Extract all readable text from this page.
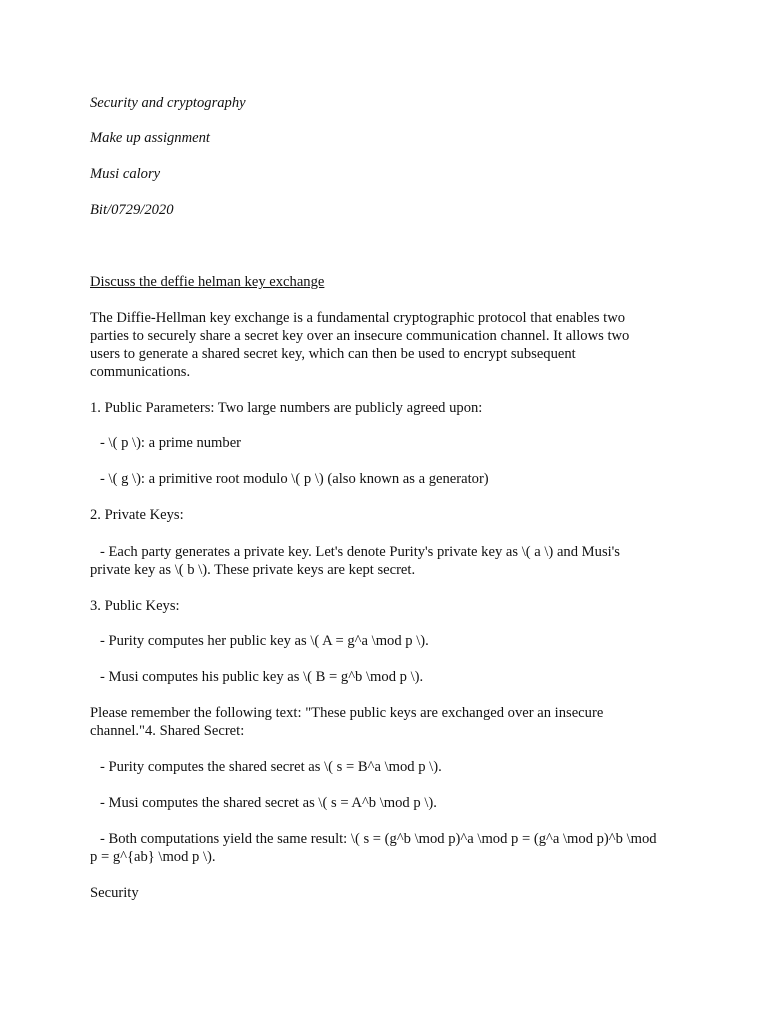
Security and cryptography

Make up assignment

Musi calory

Bit/0729/2020

Discuss the deffie helman key exchange

The Diffie-Hellman key exchange is a fundamental cryptographic protocol that enables two

parties to securely share a secret key over an insecure communication channel. It allows two

users to generate a shared secret key, which can then be used to encrypt subsequent

communications.

1. Public Parameters: Two large numbers are publicly agreed upon:

- \( p \): a prime number

- \( g \): a primitive root modulo \( p \) (also known as a generator)

2. Private Keys:

- Each party generates a private key. Let's denote Purity's private key as \( a \) and Musi's

private key as \( b \). These private keys are kept secret.

3. Public Keys:

- Purity computes her public key as \( A = g^a \mod p \).

- Musi computes his public key as \( B = g^b \mod p \).

Please remember the following text: "These public keys are exchanged over an insecure

channel."4. Shared Secret:

- Purity computes the shared secret as \( s = B^a \mod p \).

- Musi computes the shared secret as \( s = A^b \mod p \).

- Both computations yield the same result: \( s = (g^b \mod p)^a \mod p = (g^a \mod p)^b \mod

p = g^{ab} \mod p \).

Security
